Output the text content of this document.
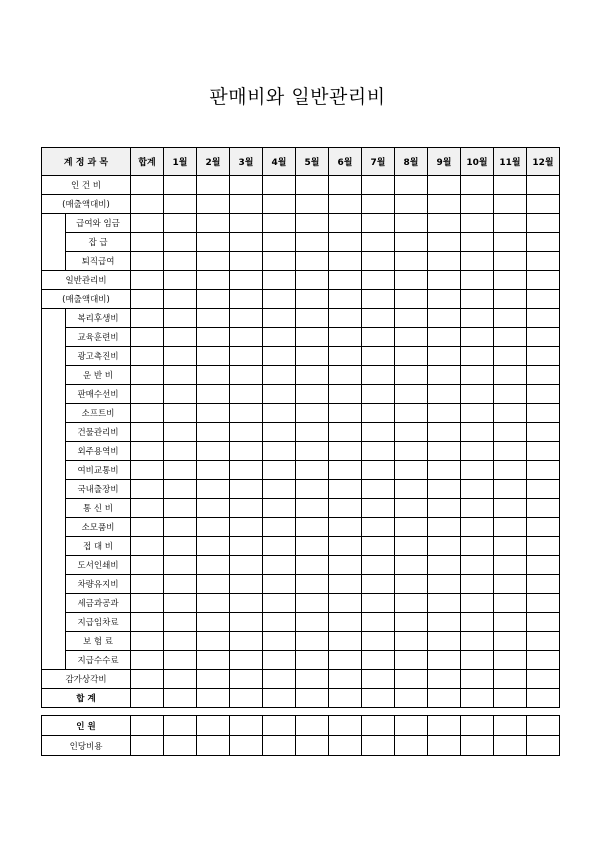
판매비와 일반관리비
계 정 과 목		합계	1월	2월	3월	4월	5월	6월	7월	8월	9월	10월	11월	12월
인 건 비														
(매출액대비)														
	급여와 임금													
	잡 급													
	퇴직급여													
일반관리비														
(매출액대비)														
	복리후생비													
	교육훈련비													
	광고촉진비													
	운 반 비													
	판매수선비													
	소프트비													
	건물관리비													
	외주용역비													
	여비교통비													
	국내출장비													
	통 신 비													
	소모품비													
	접 대 비													
	도서인쇄비													
	차량유지비													
	세금과공과													
	지급임차료													
	보 험 료													
	지급수수료													
감가상각비														
합 계														
인 원													
인당비용													
